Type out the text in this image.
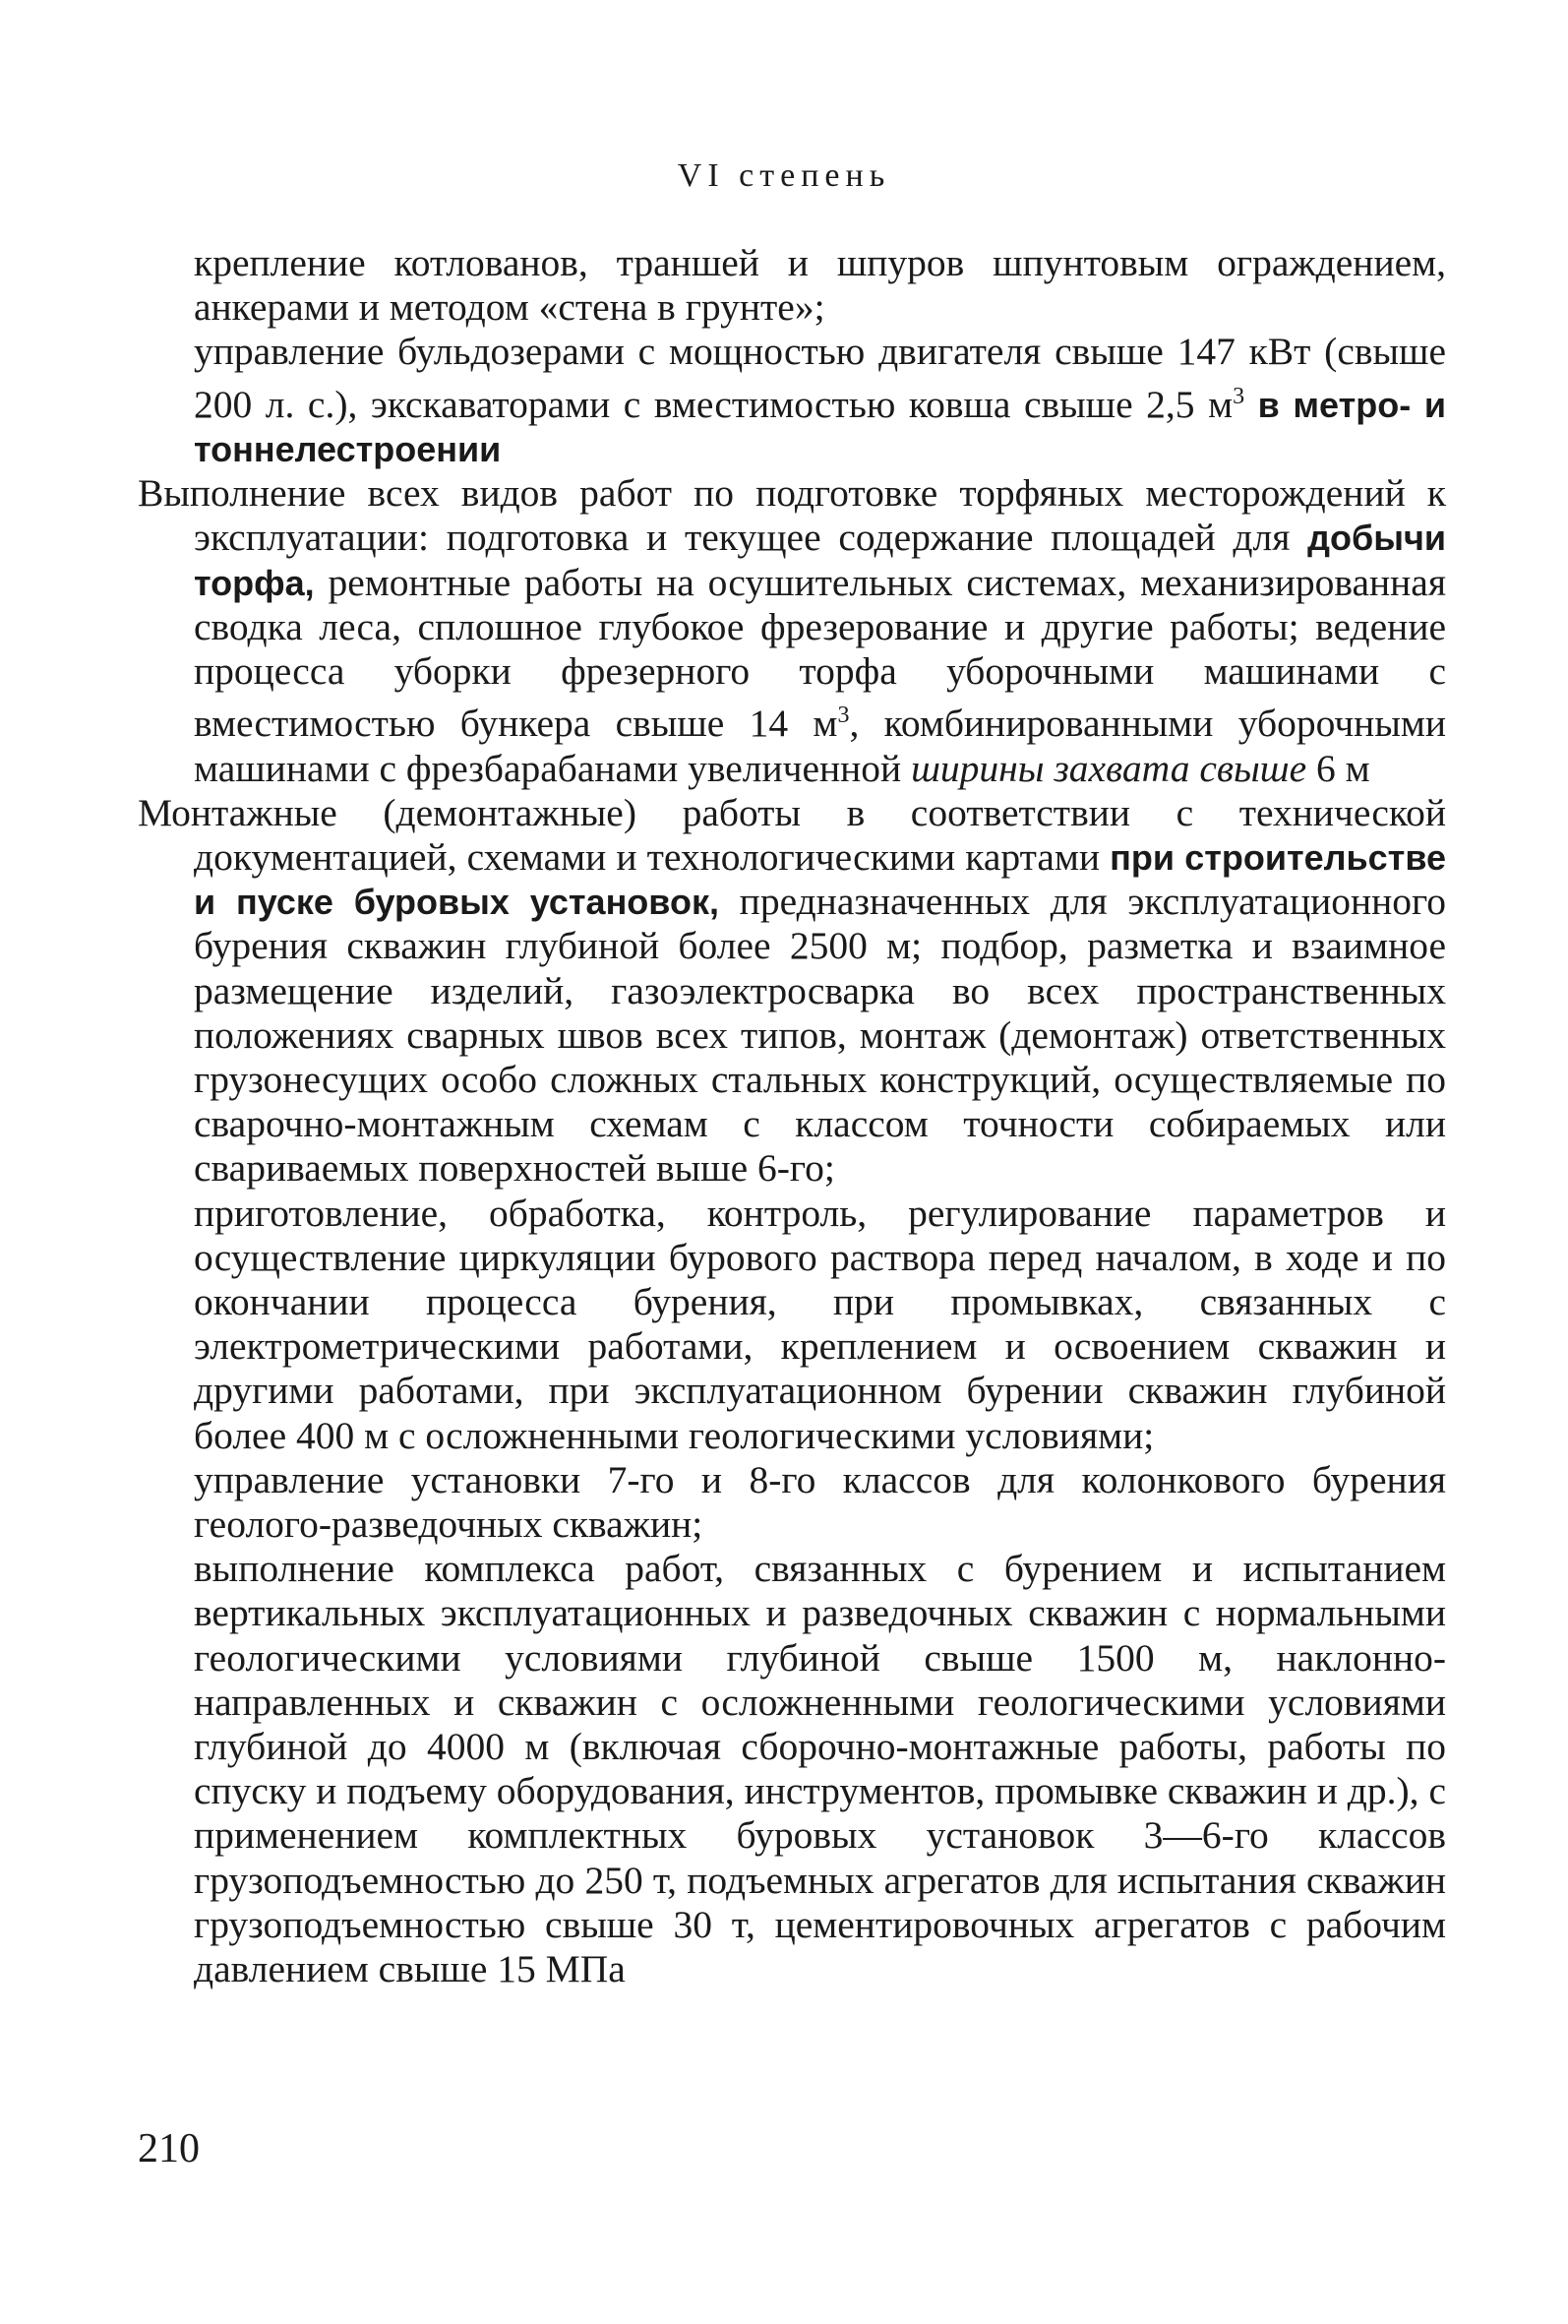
VI степень

крепление котлованов, траншей и шпуров шпунтовым ограждением, анкерами и методом «стена в грунте»;

управление бульдозерами с мощностью двигателя свыше 147 кВт (свыше 200 л. с.), экскаваторами с вместимостью ковша свыше 2,5 $м^3$ в метро- и тоннелестроении

Выполнение всех видов работ по подготовке торфяных месторождений к эксплуатации: подготовка и текущее содержание площадей для добычи торфа, ремонтные работы на осушительных системах, механизированная сводка леса, сплошное глубокое фрезерование и другие работы; ведение процесса уборки фрезерного торфа уборочными машинами с вместимостью бункера свыше 14 $м^3$, комбинированными уборочными машинами с фрезбарабанами увеличенной ширины захвата свыше 6 м

Монтажные (демонтажные) работы в соответствии с технической документацией, схемами и технологическими картами при строительстве и пуске буровых установок, предназначенных для эксплуатационного бурения скважин глубиной более 2500 м; подбор, разметка и взаимное размещение изделий, газоэлектросварка во всех пространственных положениях сварных швов всех типов, монтаж (демонтаж) ответственных грузонесущих особо сложных стальных конструкций, осуществляемые по сварочно-монтажным схемам с классом точности собираемых или свариваемых поверхностей выше 6-го;

приготовление, обработка, контроль, регулирование параметров и осуществление циркуляции бурового раствора перед началом, в ходе и по окончании процесса бурения, при промывках, связанных с электрометрическими работами, креплением и освоением скважин и другими работами, при эксплуатационном бурении скважин глубиной более 400 м с осложненными геологическими условиями;

управление установки 7-го и 8-го классов для колонкового бурения геолого-разведочных скважин;

выполнение комплекса работ, связанных с бурением и испытанием вертикальных эксплуатационных и разведочных скважин с нормальными геологическими условиями глубиной свыше 1500 м, наклонно-направленных и скважин с осложненными геологическими условиями глубиной до 4000 м (включая сборочно-монтажные работы, работы по спуску и подъему оборудования, инструментов, промывке скважин и др.), с применением комплектных буровых установок 3—6-го классов грузоподъемностью до 250 т, подъемных агрегатов для испытания скважин грузоподъемностью свыше 30 т, цементировочных агрегатов с рабочим давлением свыше 15 МПа

210
